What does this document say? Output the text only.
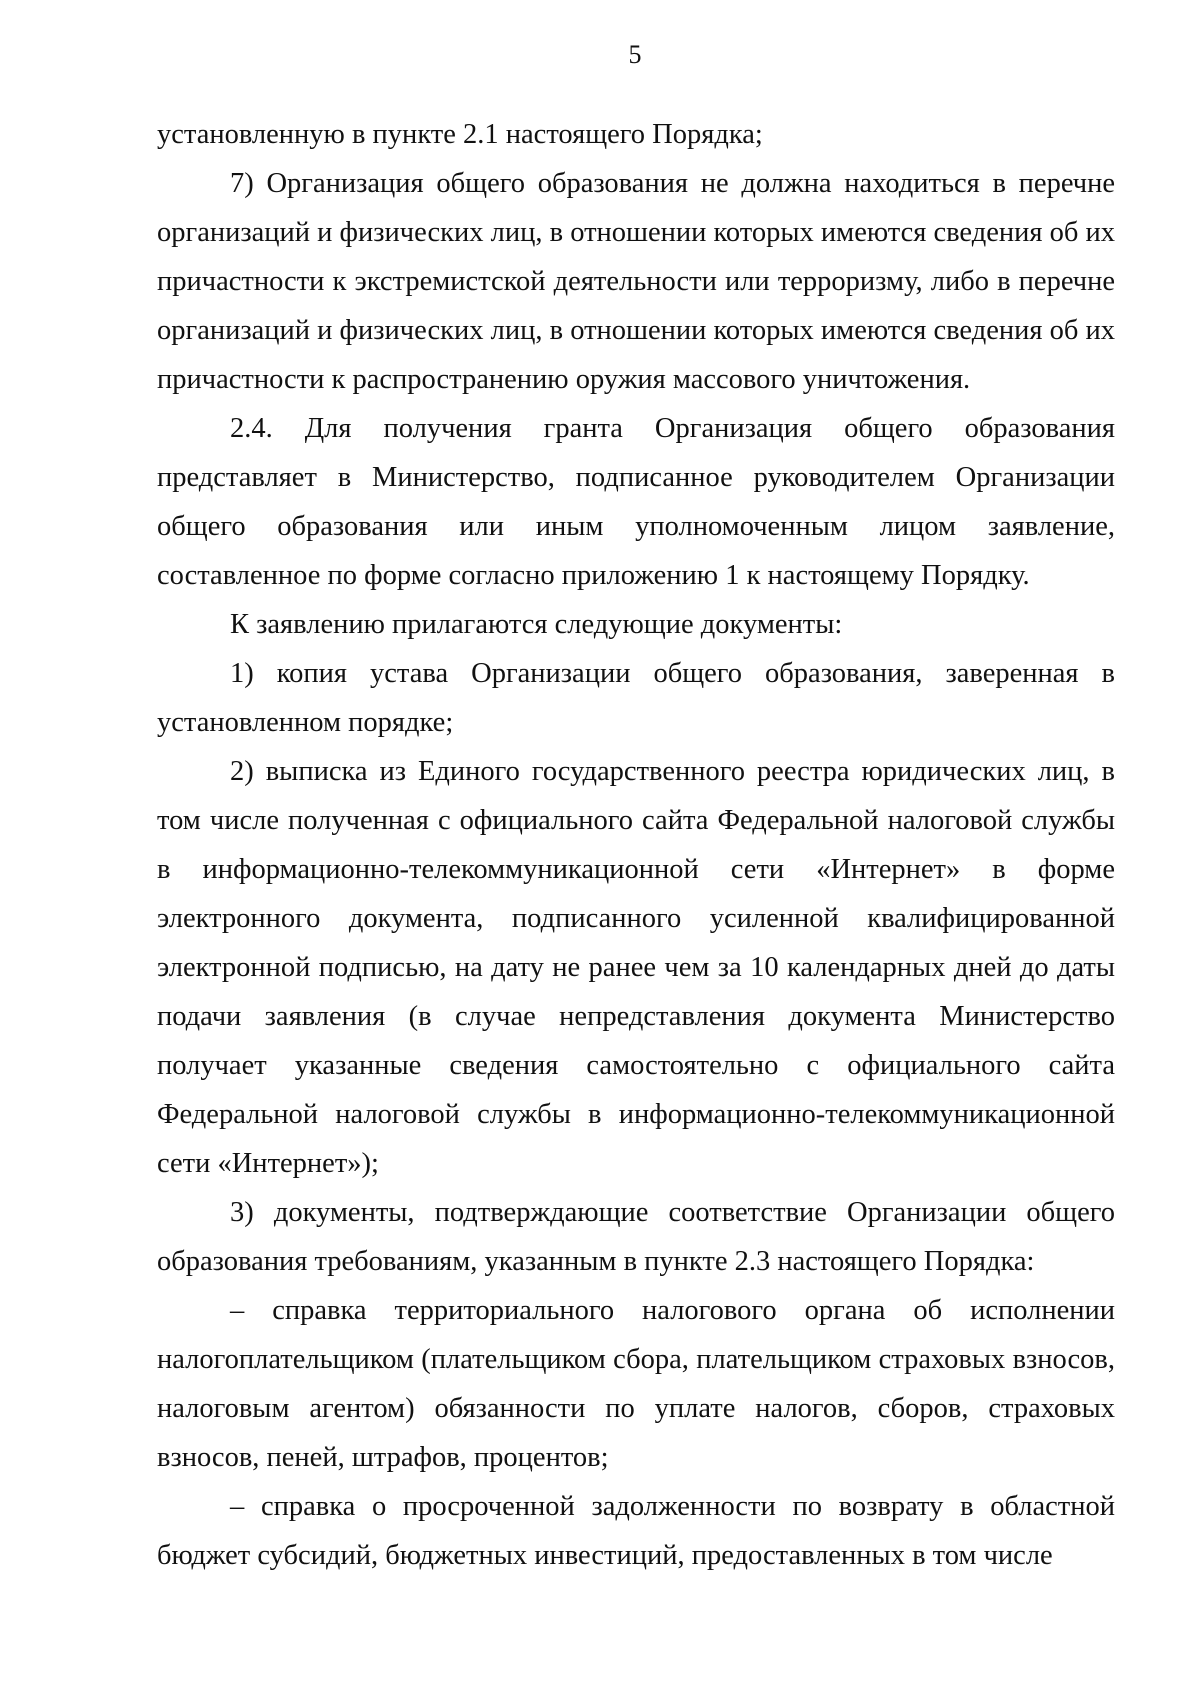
5

установленную в пункте 2.1 настоящего Порядка;

7) Организация общего образования не должна находиться в перечне организаций и физических лиц, в отношении которых имеются сведения об их причастности к экстремистской деятельности или терроризму, либо в перечне организаций и физических лиц, в отношении которых имеются сведения об их причастности к распространению оружия массового уничтожения.

2.4. Для получения гранта Организация общего образования представляет в Министерство, подписанное руководителем Организации общего образования или иным уполномоченным лицом заявление, составленное по форме согласно приложению 1 к настоящему Порядку.

К заявлению прилагаются следующие документы:

1) копия устава Организации общего образования, заверенная в установленном порядке;

2) выписка из Единого государственного реестра юридических лиц, в том числе полученная с официального сайта Федеральной налоговой службы в информационно-телекоммуникационной сети «Интернет» в форме электронного документа, подписанного усиленной квалифицированной электронной подписью, на дату не ранее чем за 10 календарных дней до даты подачи заявления (в случае непредставления документа Министерство получает указанные сведения самостоятельно с официального сайта Федеральной налоговой службы в информационно-телекоммуникационной сети «Интернет»);

3) документы, подтверждающие соответствие Организации общего образования требованиям, указанным в пункте 2.3 настоящего Порядка:

– справка территориального налогового органа об исполнении налогоплательщиком (плательщиком сбора, плательщиком страховых взносов, налоговым агентом) обязанности по уплате налогов, сборов, страховых взносов, пеней, штрафов, процентов;

– справка о просроченной задолженности по возврату в областной бюджет субсидий, бюджетных инвестиций, предоставленных в том числе
